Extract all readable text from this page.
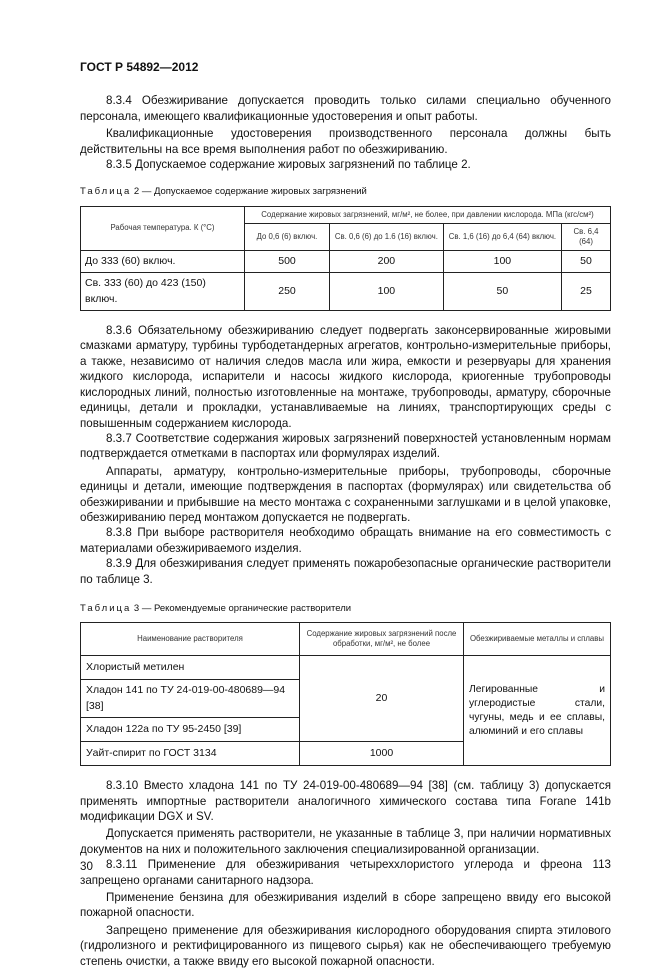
ГОСТ Р 54892—2012

8.3.4 Обезжиривание допускается проводить только силами специально обученного персонала, имеющего квалификационные удостоверения и опыт работы.

Квалификационные удостоверения производственного персонала должны быть действительны на все время выполнения работ по обезжириванию.

8.3.5 Допускаемое содержание жировых загрязнений по таблице 2.

Таблица 2 — Допускаемое содержание жировых загрязнений
Рабочая температура. К (°С)	Содержание жировых загрязнений, мг/м², не более, при давлении кислорода. МПа (кгс/см²)			
	До 0,6 (6) включ.	Св. 0,6 (6) до 1.6 (16) включ.	Св. 1,6 (16) до 6,4 (64) включ.	Св. 6,4 (64)
До 333 (60) включ.	500	200	100	50
Св. 333 (60) до 423 (150) включ.	250	100	50	25

8.3.6 Обязательному обезжириванию следует подвергать законсервированные жировыми смазками арматуру, турбины турбодетандерных агрегатов, контрольно-измерительные приборы, а также, независимо от наличия следов масла или жира, емкости и резервуары для хранения жидкого кислорода, испарители и насосы жидкого кислорода, криогенные трубопроводы кислородных линий, полностью изготовленные на монтаже, трубопроводы, арматуру, сборочные единицы, детали и прокладки, устанавливаемые на линиях, транспортирующих среды с повышенным содержанием кислорода.

8.3.7 Соответствие содержания жировых загрязнений поверхностей установленным нормам подтверждается отметками в паспортах или формулярах изделий.

Аппараты, арматуру, контрольно-измерительные приборы, трубопроводы, сборочные единицы и детали, имеющие подтверждения в паспортах (формулярах) или свидетельства об обезжиривании и прибывшие на место монтажа с сохраненными заглушками и в целой упаковке, обезжириванию перед монтажом допускается не подвергать.

8.3.8 При выборе растворителя необходимо обращать внимание на его совместимость с материалами обезжириваемого изделия.

8.3.9 Для обезжиривания следует применять пожаробезопасные органические растворители по таблице 3.

Таблица 3 — Рекомендуемые органические растворители
Наименование растворителя	Содержание жировых загрязнений после обработки, мг/м², не более	Обезжириваемые металлы и сплавы
Хлористый метилен	20	Легированные и углеродистые стали, чугуны, медь и ее сплавы, алюминий и его сплавы
Хладон 141 по ТУ 24-019-00-480689—94 [38]		
Хладон 122а по ТУ 95-2450 [39]		
Уайт-спирит по ГОСТ 3134	1000	

8.3.10 Вместо хладона 141 по ТУ 24-019-00-480689—94 [38] (см. таблицу 3) допускается применять импортные растворители аналогичного химического состава типа Forane 141b модификации DGX и SV.

Допускается применять растворители, не указанные в таблице 3, при наличии нормативных документов на них и положительного заключения специализированной организации.

8.3.11 Применение для обезжиривания четыреххлористого углерода и фреона 113 запрещено органами санитарного надзора.

Применение бензина для обезжиривания изделий в сборе запрещено ввиду его высокой пожарной опасности.

Запрещено применение для обезжиривания кислородного оборудования спирта этилового (гидролизного и ректифицированного из пищевого сырья) как не обеспечивающего требуемую степень очистки, а также ввиду его высокой пожарной опасности.

30
